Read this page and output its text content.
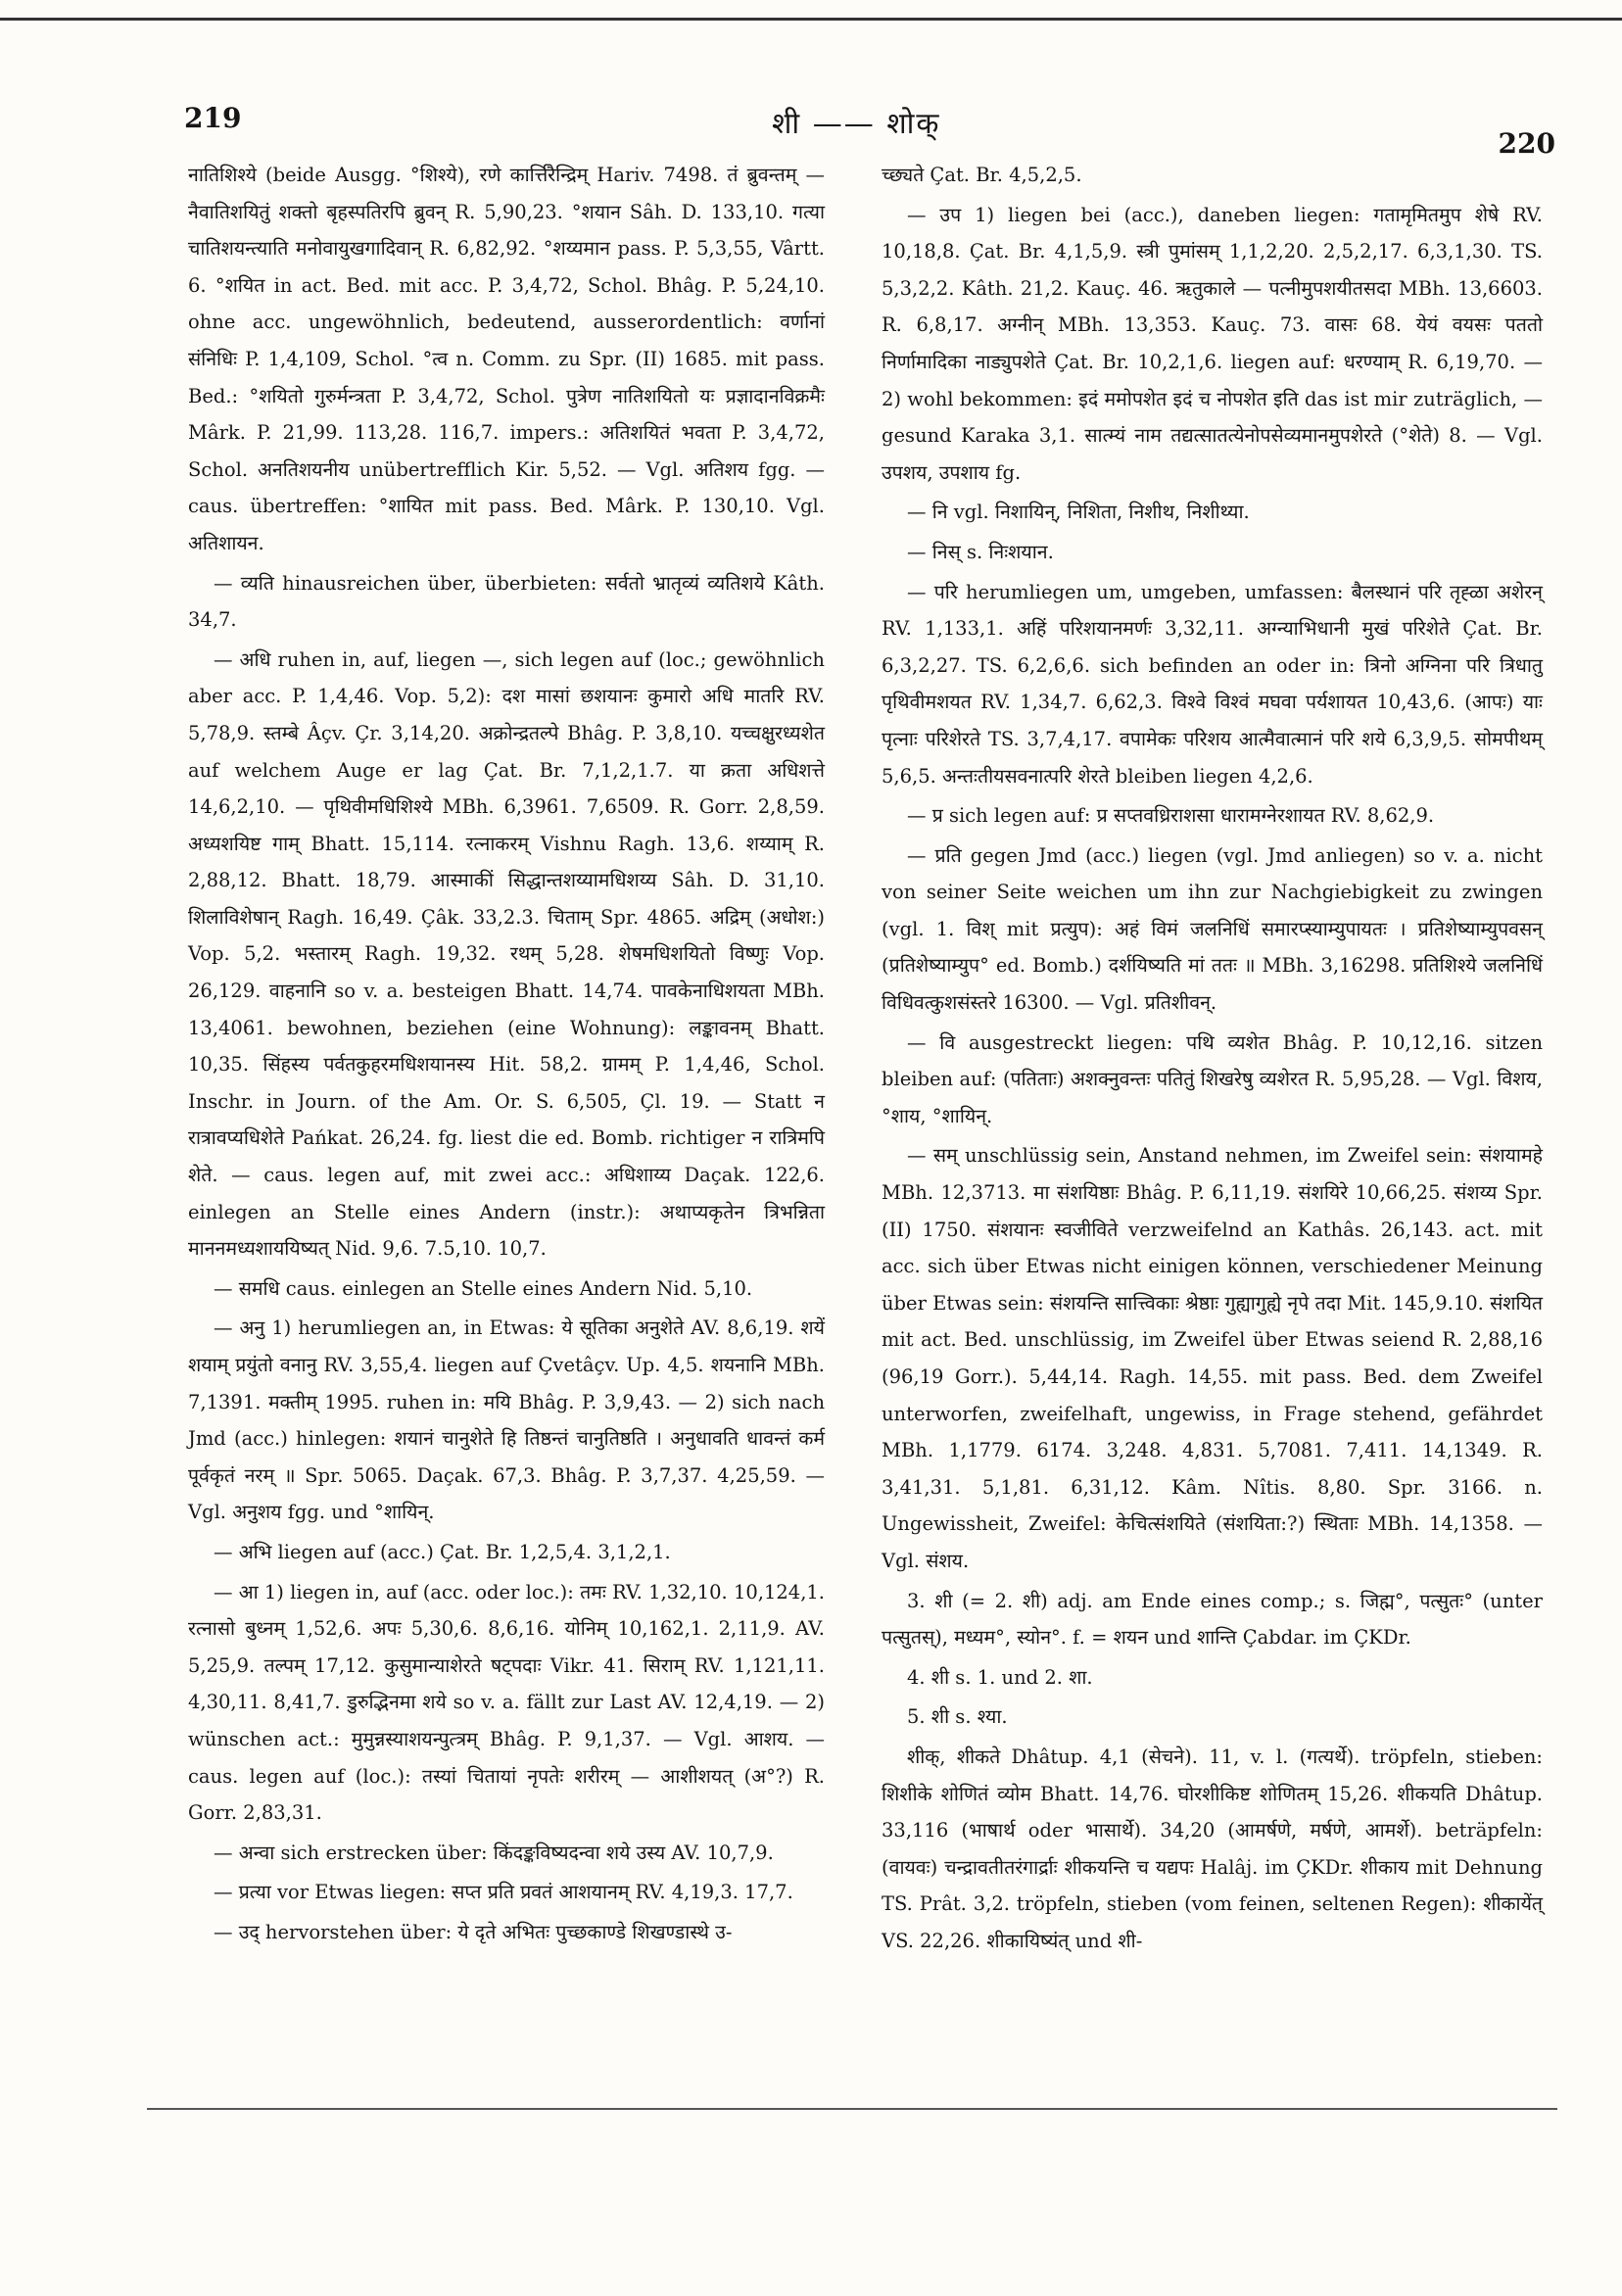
219	शी —— शोक्
220

नातिशिश्ये (beide Ausgg. °शिश्ये), रणे कार्त्तिरैन्द्रिम् Hariv. 7498. तं ब्रुवन्तम् — नैवातिशयितुं शक्तो बृहस्पतिरपि ब्रुवन् R. 5,90,23. °शयान Sâh. D. 133,10. गत्या चातिशयन्त्याति मनोवायुखगादिवान् R. 6,82,92. °शय्यमान pass. P. 5,3,55, Vârtt. 6. °शयित in act. Bed. mit acc. P. 3,4,72, Schol. Bhâg. P. 5,24,10. ohne acc. ungewöhnlich, bedeutend, ausserordentlich: वर्णानां संनिधिः P. 1,4,109, Schol. °त्व n. Comm. zu Spr. (II) 1685. mit pass. Bed.: °शयितो गुरुर्मन्त्रता P. 3,4,72, Schol. पुत्रेण नातिशयितो यः प्रज्ञादानविक्रमैः Mârk. P. 21,99. 113,28. 116,7. impers.: अतिशयितं भवता P. 3,4,72, Schol. अनतिशयनीय unübertrefflich Kir. 5,52. — Vgl. अतिशय fgg. — caus. übertreffen: °शायित mit pass. Bed. Mârk. P. 130,10. Vgl. अतिशायन.

— व्यति hinausreichen über, überbieten: सर्वतो भ्रातृव्यं व्यतिशये Kâth. 34,7.

— अधि ruhen in, auf, liegen —, sich legen auf (loc.; gewöhnlich aber acc. P. 1,4,46. Vop. 5,2): दश मासां छशयानः कुमारो अधि मातरि RV. 5,78,9. स्तम्बे Âçv. Çr. 3,14,20. अक्रोन्द्रतल्पे Bhâg. P. 3,8,10. यच्चक्षुरध्यशेत auf welchem Auge er lag Çat. Br. 7,1,2,1.7. या क्रता अधिशत्ते 14,6,2,10. — पृथिवीमधिशिश्ये MBh. 6,3961. 7,6509. R. Gorr. 2,8,59. अध्यशयिष्ट गाम् Bhatt. 15,114. रत्नाकरम् Vishnu Ragh. 13,6. शय्याम् R. 2,88,12. Bhatt. 18,79. आस्माकीं सिद्धान्तशय्यामधिशय्य Sâh. D. 31,10. शिलाविशेषान् Ragh. 16,49. Çâk. 33,2.3. चिताम् Spr. 4865. अद्रिम् (अधोश:) Vop. 5,2. भस्तारम् Ragh. 19,32. रथम् 5,28. शेषमधिशयितो विष्णुः Vop. 26,129. वाहनानि so v. a. besteigen Bhatt. 14,74. पावकेनाधिशयता MBh. 13,4061. bewohnen, beziehen (eine Wohnung): लङ्कावनम् Bhatt. 10,35. सिंहस्य पर्वतकुहरमधिशयानस्य Hit. 58,2. ग्रामम् P. 1,4,46, Schol. Inschr. in Journ. of the Am. Or. S. 6,505, Çl. 19. — Statt न रात्रावप्यधिशेते Pańkat. 26,24. fg. liest die ed. Bomb. richtiger न रात्रिमपि शेते. — caus. legen auf, mit zwei acc.: अधिशाय्य Daçak. 122,6. einlegen an Stelle eines Andern (instr.): अथाप्यकृतेन त्रिभन्निता माननमध्यशाययिष्यत् Nid. 9,6. 7.5,10. 10,7.

— समधि caus. einlegen an Stelle eines Andern Nid. 5,10.

— अनु 1) herumliegen an, in Etwas: ये सूतिका अनुशेते AV. 8,6,19. शयें शयाम् प्रयुंतो वनानु RV. 3,55,4. liegen auf Çvetâçv. Up. 4,5. शयनानि MBh. 7,1391. मक्तीम् 1995. ruhen in: मयि Bhâg. P. 3,9,43. — 2) sich nach Jmd (acc.) hinlegen: शयानं चानुशेते हि तिष्ठन्तं चानुतिष्ठति । अनुधावति धावन्तं कर्म पूर्वकृतं नरम् ॥ Spr. 5065. Daçak. 67,3. Bhâg. P. 3,7,37. 4,25,59. — Vgl. अनुशय fgg. und °शायिन्.

— अभि liegen auf (acc.) Çat. Br. 1,2,5,4. 3,1,2,1.

— आ 1) liegen in, auf (acc. oder loc.): तमः RV. 1,32,10. 10,124,1. रत्नासो बुध्नम् 1,52,6. अपः 5,30,6. 8,6,16. योनिम् 10,162,1. 2,11,9. AV. 5,25,9. तल्पम् 17,12. कुसुमान्याशेरते षट्पदाः Vikr. 41. सिराम् RV. 1,121,11. 4,30,11. 8,41,7. डुरुद्भिनमा शये so v. a. fällt zur Last AV. 12,4,19. — 2) wünschen act.: मुमुन्नस्याशयन्पुत्त्रम् Bhâg. P. 9,1,37. — Vgl. आशय. — caus. legen auf (loc.): तस्यां चितायां नृपतेः शरीरम् — आशीशयत् (अ°?) R. Gorr. 2,83,31.

— अन्वा sich erstrecken über: किंदङ्कविष्यदन्वा शये उस्य AV. 10,7,9.

— प्रत्या vor Etwas liegen: सप्त प्रति प्रवतं आशयानम् RV. 4,19,3. 17,7.

— उद् hervorstehen über: ये दृते अभितः पुच्छकाण्डे शिखण्डास्थे उ-

च्छ्यते Çat. Br. 4,5,2,5.

— उप 1) liegen bei (acc.), daneben liegen: गतामृमितमुप शेषे RV. 10,18,8. Çat. Br. 4,1,5,9. स्त्री पुमांसम् 1,1,2,20. 2,5,2,17. 6,3,1,30. TS. 5,3,2,2. Kâth. 21,2. Kauç. 46. ऋतुकाले — पत्नीमुपशयीतसदा MBh. 13,6603. R. 6,8,17. अग्नीन् MBh. 13,353. Kauç. 73. वासः 68. येयं वयसः पततो निर्णामादिका नाड्युपशेते Çat. Br. 10,2,1,6. liegen auf: धरण्याम् R. 6,19,70. — 2) wohl bekommen: इदं ममोपशेत इदं च नोपशेत इति das ist mir zuträglich, — gesund Karaka 3,1. सात्म्यं नाम तद्यत्सातत्येनोपसेव्यमानमुपशेरते (°शेते) 8. — Vgl. उपशय, उपशाय fg.

— नि vgl. निशायिन्, निशिता, निशीथ, निशीथ्या.

— निस् s. निःशयान.

— परि herumliegen um, umgeben, umfassen: बैलस्थानं परि तृह्ळा अशेरन् RV. 1,133,1. अहिं परिशयानमर्णः 3,32,11. अग्न्याभिधानी मुखं परिशेते Çat. Br. 6,3,2,27. TS. 6,2,6,6. sich befinden an oder in: त्रिनो अग्निना परि त्रिधातु पृथिवीमशयत RV. 1,34,7. 6,62,3. विश्वे विश्वं मघवा पर्यशायत 10,43,6. (आपः) याः पृत्नाः परिशेरते TS. 3,7,4,17. वपामेकः परिशय आत्मैवात्मानं परि शये 6,3,9,5. सोमपीथम् 5,6,5. अन्तःतीयसवनात्परि शेरते bleiben liegen 4,2,6.

— प्र sich legen auf: प्र सप्तवध्रिराशसा धारामग्नेरशायत RV. 8,62,9.

— प्रति gegen Jmd (acc.) liegen (vgl. Jmd anliegen) so v. a. nicht von seiner Seite weichen um ihn zur Nachgiebigkeit zu zwingen (vgl. 1. विश् mit प्रत्युप): अहं विमं जलनिधिं समारप्स्याम्युपायतः । प्रतिशेष्याम्युपवसन् (प्रतिशेष्याम्युप° ed. Bomb.) दर्शयिष्यति मां ततः ॥ MBh. 3,16298. प्रतिशिश्ये जलनिधिं विधिवत्कुशसंस्तरे 16300. — Vgl. प्रतिशीवन्.

— वि ausgestreckt liegen: पथि व्यशेत Bhâg. P. 10,12,16. sitzen bleiben auf: (पतिताः) अशक्नुवन्तः पतितुं शिखरेषु व्यशेरत R. 5,95,28. — Vgl. विशय, °शाय, °शायिन्.

— सम् unschlüssig sein, Anstand nehmen, im Zweifel sein: संशयामहे MBh. 12,3713. मा संशयिष्ठाः Bhâg. P. 6,11,19. संशयिरे 10,66,25. संशय्य Spr. (II) 1750. संशयानः स्वजीविते verzweifelnd an Kathâs. 26,143. act. mit acc. sich über Etwas nicht einigen können, verschiedener Meinung über Etwas sein: संशयन्ति सात्त्विकाः श्रेष्ठाः गुह्यागुह्ये नृपे तदा Mit. 145,9.10. संशयित mit act. Bed. unschlüssig, im Zweifel über Etwas seiend R. 2,88,16 (96,19 Gorr.). 5,44,14. Ragh. 14,55. mit pass. Bed. dem Zweifel unterworfen, zweifelhaft, ungewiss, in Frage stehend, gefährdet MBh. 1,1779. 6174. 3,248. 4,831. 5,7081. 7,411. 14,1349. R. 3,41,31. 5,1,81. 6,31,12. Kâm. Nîtis. 8,80. Spr. 3166. n. Ungewissheit, Zweifel: केचित्संशयिते (संशयिता:?) स्थिताः MBh. 14,1358. — Vgl. संशय.

3. शी (= 2. शी) adj. am Ende eines comp.; s. जिह्म°, पत्सुतः° (unter पत्सुतस्), मध्यम°, स्योन°. f. = शयन und शान्ति Çabdar. im ÇKDr.

4. शी s. 1. und 2. शा.

5. शी s. श्या.

शीक्, शीकते Dhâtup. 4,1 (सेचने). 11, v. l. (गत्यर्थे). tröpfeln, stieben: शिशीके शोणितं व्योम Bhatt. 14,76. घोरशीकिष्ट शोणितम् 15,26. शीकयति Dhâtup. 33,116 (भाषार्थ oder भासार्थे). 34,20 (आमर्षणे, मर्षणे, आमर्शे). beträpfeln: (वायवः) चन्द्रावतीतरंगार्द्राः शीकयन्ति च यद्यपः Halâj. im ÇKDr. शीकाय mit Dehnung TS. Prât. 3,2. tröpfeln, stieben (vom feinen, seltenen Regen): शीकायेंत् VS. 22,26. शीकायिष्यंत् und शी-
